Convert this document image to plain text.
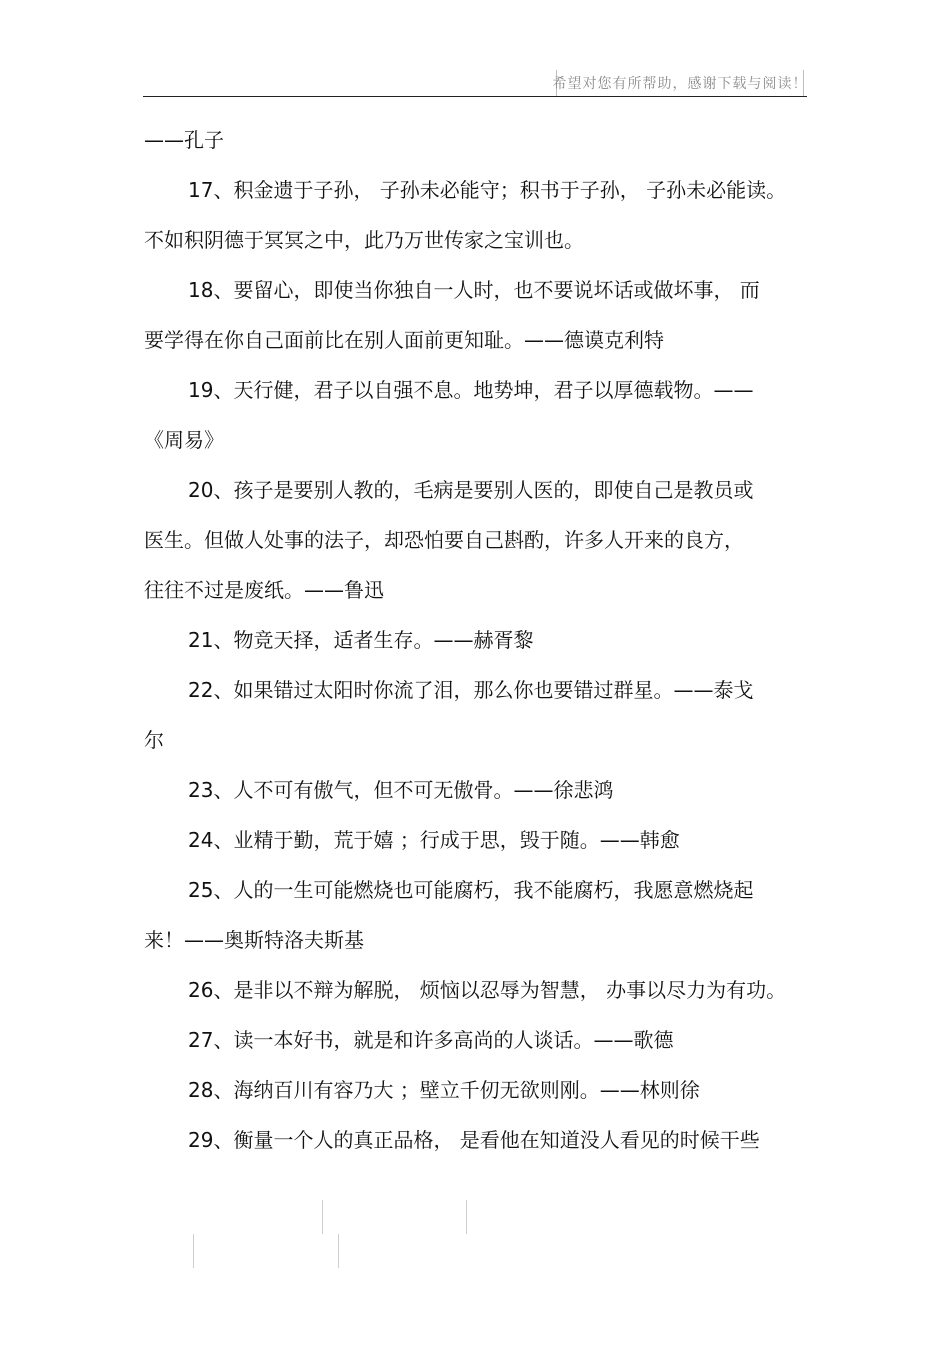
希望对您有所帮助，感谢下载与阅读！

——孔子

17、积金遗于子孙， 子孙未必能守；积书于子孙， 子孙未必能读。

不如积阴德于冥冥之中，此乃万世传家之宝训也。

18、要留心，即使当你独自一人时，也不要说坏话或做坏事， 而

要学得在你自己面前比在别人面前更知耻。——德谟克利特

19、天行健，君子以自强不息。地势坤，君子以厚德载物。——

《周易》

20、孩子是要别人教的，毛病是要别人医的，即使自己是教员或

医生。但做人处事的法子，却恐怕要自己斟酌，许多人开来的良方，

往往不过是废纸。——鲁迅

21、物竞天择，适者生存。——赫胥黎

22、如果错过太阳时你流了泪，那么你也要错过群星。——泰戈

尔

23、人不可有傲气，但不可无傲骨。——徐悲鸿

24、业精于勤，荒于嬉 ；行成于思，毁于随。——韩愈

25、人的一生可能燃烧也可能腐朽，我不能腐朽，我愿意燃烧起

来！——奥斯特洛夫斯基

26、是非以不辩为解脱， 烦恼以忍辱为智慧， 办事以尽力为有功。

27、读一本好书，就是和许多高尚的人谈话。——歌德

28、海纳百川有容乃大 ；壁立千仞无欲则刚。——林则徐

29、衡量一个人的真正品格， 是看他在知道没人看见的时候干些
